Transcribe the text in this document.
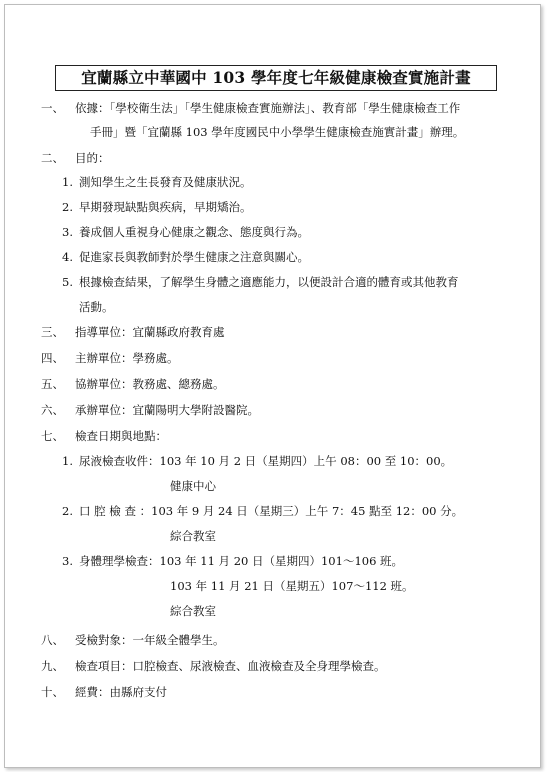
宜蘭縣立中華國中 103 學年度七年級健康檢查實施計畫
一、 依據：「學校衛生法」「學生健康檢查實施辦法」、教育部「學生健康檢查工作
手冊」暨「宜蘭縣 103 學年度國民中小學學生健康檢查施實計畫」辦理。
二、 目的：
1. 測知學生之生長發育及健康狀況。
2. 早期發現缺點與疾病，早期矯治。
3. 養成個人重視身心健康之觀念、態度與行為。
4. 促進家長與教師對於學生健康之注意與關心。
5. 根據檢查結果，了解學生身體之適應能力，以便設計合適的體育或其他教育
活動。
三、 指導單位：宜蘭縣政府教育處
四、 主辦單位：學務處。
五、 協辦單位：教務處、總務處。
六、 承辦單位：宜蘭陽明大學附設醫院。
七、 檢查日期與地點：
1. 尿液檢查收件：103 年 10 月 2 日（星期四）上午 08：00 至 10：00。
健康中心
2. 口 腔 檢 查 ：103 年 9 月 24 日（星期三）上午 7：45 點至 12：00 分。
綜合教室
3. 身體理學檢查：103 年 11 月 20 日（星期四）101～106 班。
103 年 11 月 21 日（星期五）107～112 班。
綜合教室
八、 受檢對象：一年級全體學生。
九、 檢查項目：口腔檢查、尿液檢查、血液檢查及全身理學檢查。
十、 經費：由縣府支付
